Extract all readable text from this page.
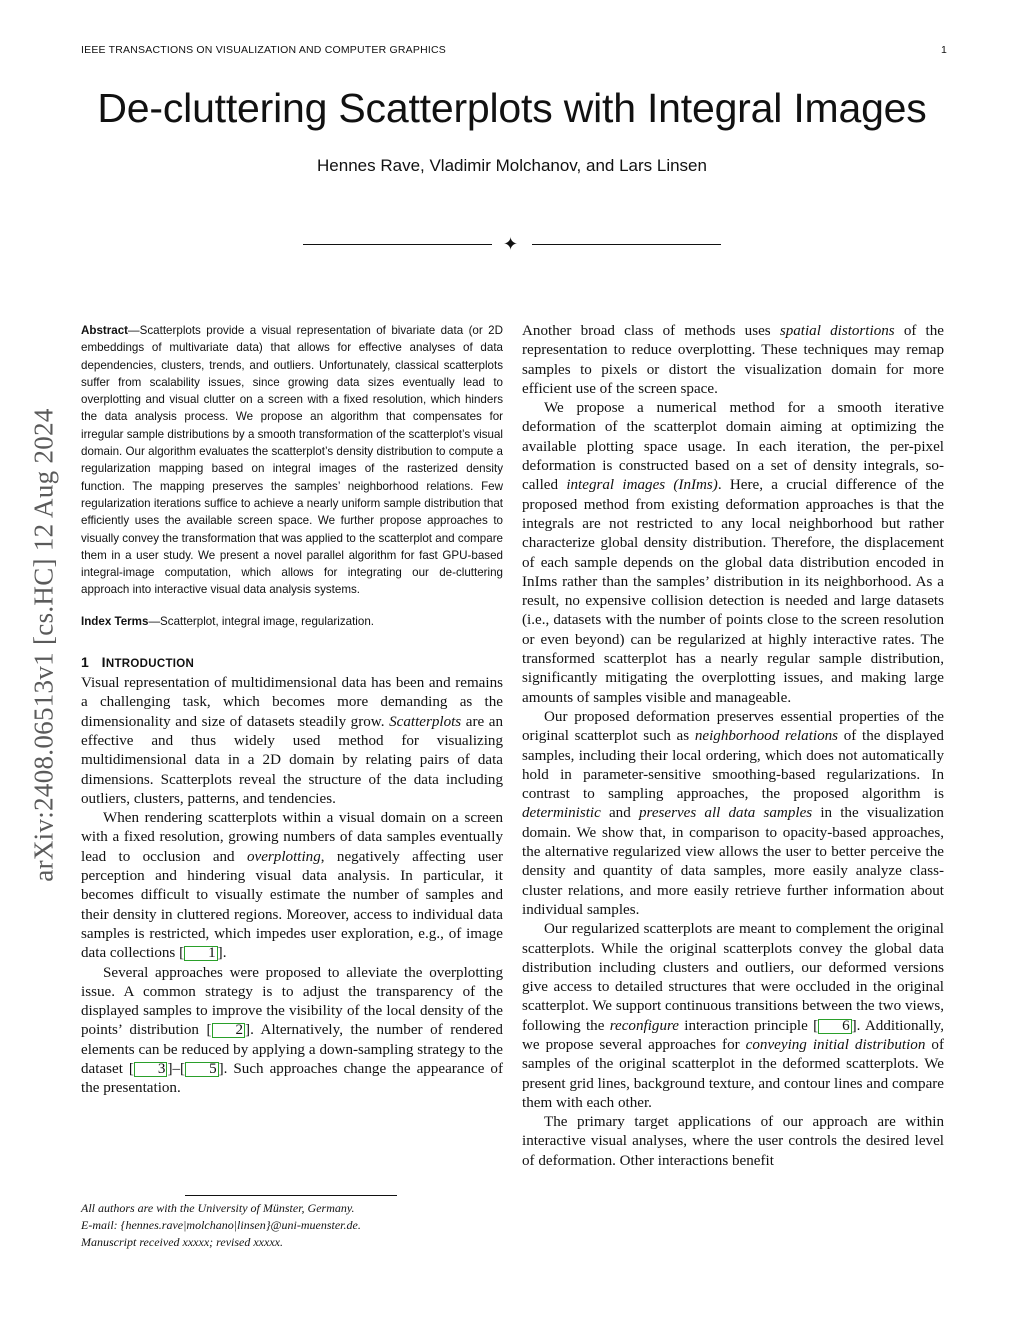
IEEE TRANSACTIONS ON VISUALIZATION AND COMPUTER GRAPHICS	1
De-cluttering Scatterplots with Integral Images
Hennes Rave, Vladimir Molchanov, and Lars Linsen
✦
arXiv:2408.06513v1 [cs.HC] 12 Aug 2024

Abstract—Scatterplots provide a visual representation of bivariate data (or 2D embeddings of multivariate data) that allows for effective analyses of data dependencies, clusters, trends, and outliers. Unfortunately, classical scatterplots suffer from scalability issues, since growing data sizes eventually lead to overplotting and visual clutter on a screen with a fixed resolution, which hinders the data analysis process. We propose an algorithm that compensates for irregular sample distributions by a smooth transformation of the scatterplot’s visual domain. Our algorithm evaluates the scatterplot’s density distribution to compute a regularization mapping based on integral images of the rasterized density function. The mapping preserves the samples’ neighborhood relations. Few regularization iterations suffice to achieve a nearly uniform sample distribution that efficiently uses the available screen space. We further propose approaches to visually convey the transformation that was applied to the scatterplot and compare them in a user study. We present a novel parallel algorithm for fast GPU-based integral-image computation, which allows for integrating our de-cluttering approach into interactive visual data analysis systems.

Index Terms—Scatterplot, integral image, regularization.

1 INTRODUCTION

Visual representation of multidimensional data has been and remains a challenging task, which becomes more demanding as the dimensionality and size of datasets steadily grow. Scatterplots are an effective and thus widely used method for visualizing multidimensional data in a 2D domain by relating pairs of data dimensions. Scatterplots reveal the structure of the data including outliers, clusters, patterns, and tendencies.

When rendering scatterplots within a visual domain on a screen with a fixed resolution, growing numbers of data samples eventually lead to occlusion and overplotting, negatively affecting user perception and hindering visual data analysis. In particular, it becomes difficult to visually estimate the number of samples and their density in cluttered regions. Moreover, access to individual data samples is restricted, which impedes user exploration, e.g., of image data collections [ 1 ].

Several approaches were proposed to alleviate the overplotting issue. A common strategy is to adjust the transparency of the displayed samples to improve the visibility of the local density of the points’ distribution [ 2 ]. Alternatively, the number of rendered elements can be reduced by applying a down-sampling strategy to the dataset [ 3 ]–[ 5 ]. Such approaches change the appearance of the presentation.

All authors are with the University of Münster, Germany.
E-mail: {hennes.rave|molchano|linsen}@uni-muenster.de.
Manuscript received xxxxx; revised xxxxx.

Another broad class of methods uses spatial distortions of the representation to reduce overplotting. These techniques may remap samples to pixels or distort the visualization domain for more efficient use of the screen space.

We propose a numerical method for a smooth iterative deformation of the scatterplot domain aiming at optimizing the available plotting space usage. In each iteration, the per-pixel deformation is constructed based on a set of density integrals, so-called integral images (InIms). Here, a crucial difference of the proposed method from existing deformation approaches is that the integrals are not restricted to any local neighborhood but rather characterize global density distribution. Therefore, the displacement of each sample depends on the global data distribution encoded in InIms rather than the samples’ distribution in its neighborhood. As a result, no expensive collision detection is needed and large datasets (i.e., datasets with the number of points close to the screen resolution or even beyond) can be regularized at highly interactive rates. The transformed scatterplot has a nearly regular sample distribution, significantly mitigating the overplotting issues, and making large amounts of samples visible and manageable.

Our proposed deformation preserves essential properties of the original scatterplot such as neighborhood relations of the displayed samples, including their local ordering, which does not automatically hold in parameter-sensitive smoothing-based regularizations. In contrast to sampling approaches, the proposed algorithm is deterministic and preserves all data samples in the visualization domain. We show that, in comparison to opacity-based approaches, the alternative regularized view allows the user to better perceive the density and quantity of data samples, more easily analyze class-cluster relations, and more easily retrieve further information about individual samples.

Our regularized scatterplots are meant to complement the original scatterplots. While the original scatterplots convey the global data distribution including clusters and outliers, our deformed versions give access to detailed structures that were occluded in the original scatterplot. We support continuous transitions between the two views, following the reconfigure interaction principle [ 6 ]. Additionally, we propose several approaches for conveying initial distribution of samples of the original scatterplot in the deformed scatterplots. We present grid lines, background texture, and contour lines and compare them with each other.

The primary target applications of our approach are within interactive visual analyses, where the user controls the desired level of deformation. Other interactions benefit
